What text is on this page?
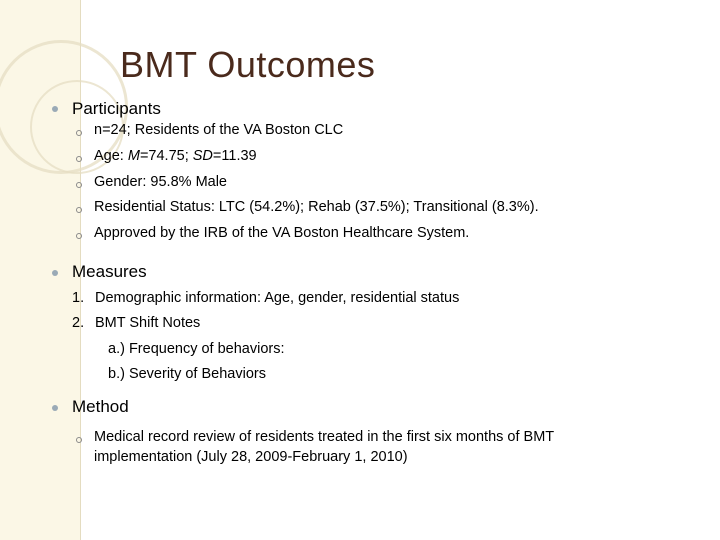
BMT Outcomes
Participants
n=24; Residents of the VA Boston CLC
Age: M=74.75; SD=11.39
Gender: 95.8% Male
Residential Status: LTC (54.2%); Rehab (37.5%); Transitional (8.3%).
Approved by the IRB of the VA Boston Healthcare System.
Measures
1. Demographic information: Age, gender, residential status
2. BMT Shift Notes
a.) Frequency of behaviors:
b.) Severity of Behaviors
Method
Medical record review of residents treated in the first six months of BMT
implementation (July 28, 2009-February 1, 2010)
